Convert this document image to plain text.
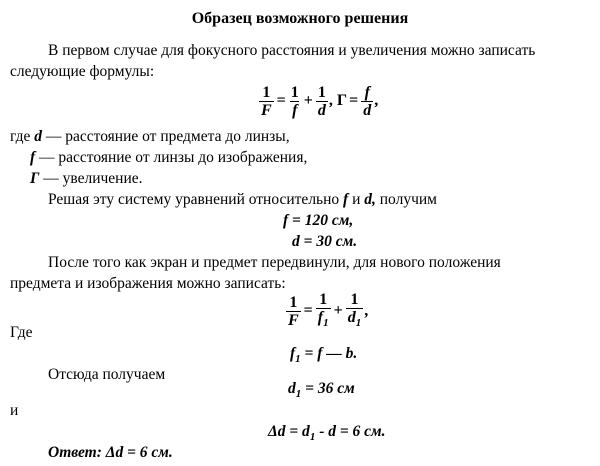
Образец возможного решения
В первом случае для фокусного расстояния и увеличения можно записать
следующие формулы:
$\frac{1}{F} = \frac{1}{f} + \frac{1}{d}$ , $\Gamma = \frac{f}{d}$ ,
где d — расстояние от предмета до линзы,
f — расстояние от линзы до изображения,
Г — увеличение.
Решая эту систему уравнений относительно f и d, получим
f = 120 см,
d = 30 см.
После того как экран и предмет передвинули, для нового положения
предмета и изображения можно записать:
$\frac{1}{F} = \frac{1}{f_1} + \frac{1}{d_1}$ ,
Где
$f_1 = f$ — b.
Отсюда получаем
$d_1 = 36$ см
и
$\Delta d = d_1 - d = 6$ см.
Ответ: Δd = 6 см.
